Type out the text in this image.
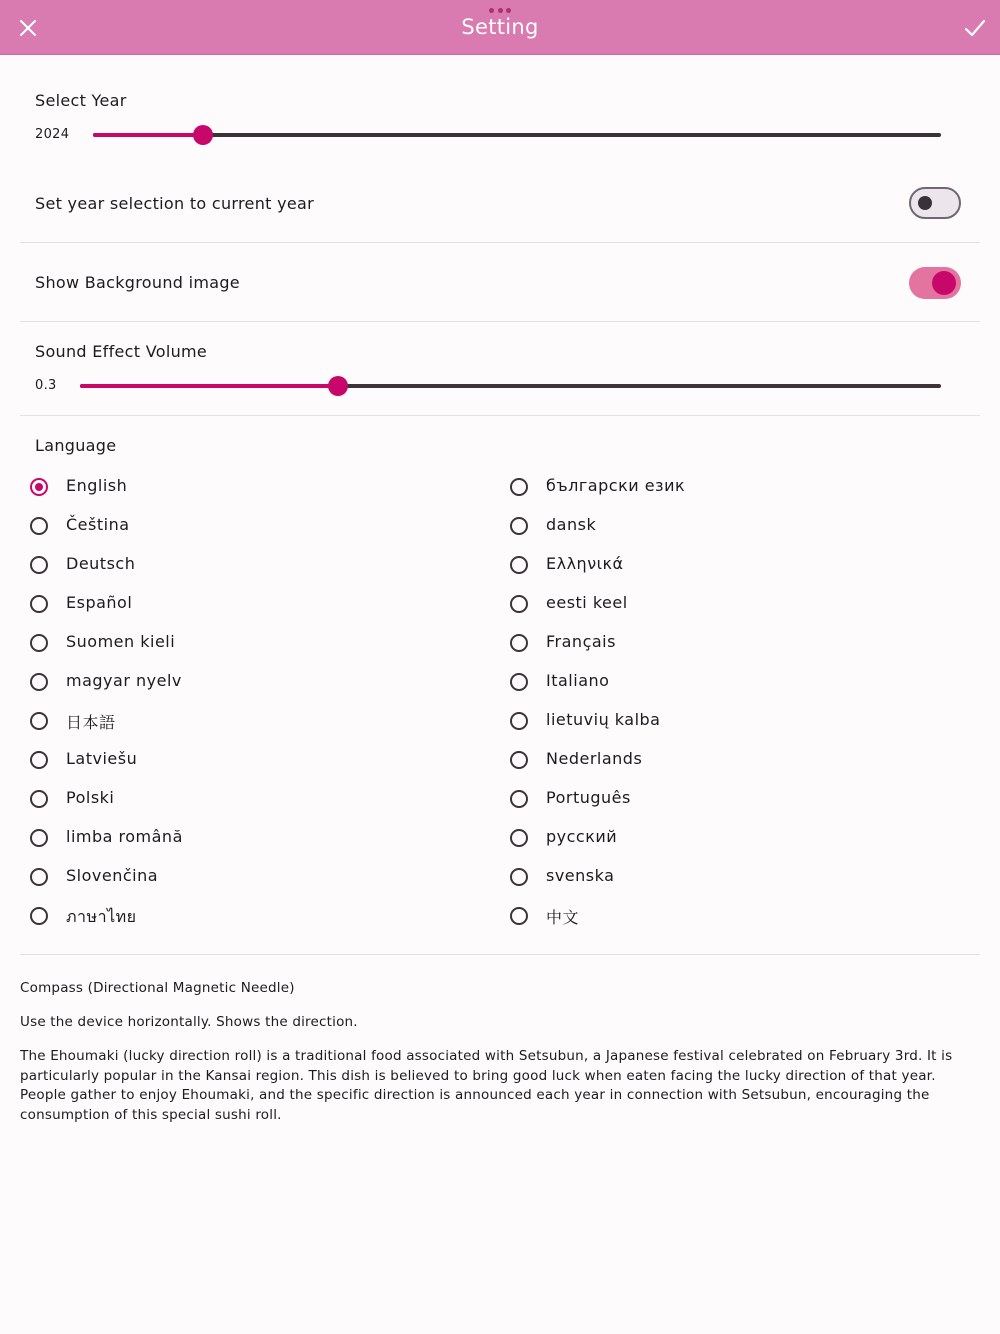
Setting
Select Year
2024
Set year selection to current year
Show Background image
Sound Effect Volume
0.3
Language
English
Čeština
Deutsch
Español
Suomen kieli
magyar nyelv
日本語
Latviešu
Polski
limba română
Slovenčina
ภาษาไทย
български език
dansk
Ελληνικά
eesti keel
Français
Italiano
lietuvių kalba
Nederlands
Português
русский
svenska
中文
Compass (Directional Magnetic Needle)
Use the device horizontally. Shows the direction.
The Ehoumaki (lucky direction roll) is a traditional food associated with Setsubun, a Japanese festival celebrated on February 3rd. It is particularly popular in the Kansai region. This dish is believed to bring good luck when eaten facing the lucky direction of that year. People gather to enjoy Ehoumaki, and the specific direction is announced each year in connection with Setsubun, encouraging the consumption of this special sushi roll.
